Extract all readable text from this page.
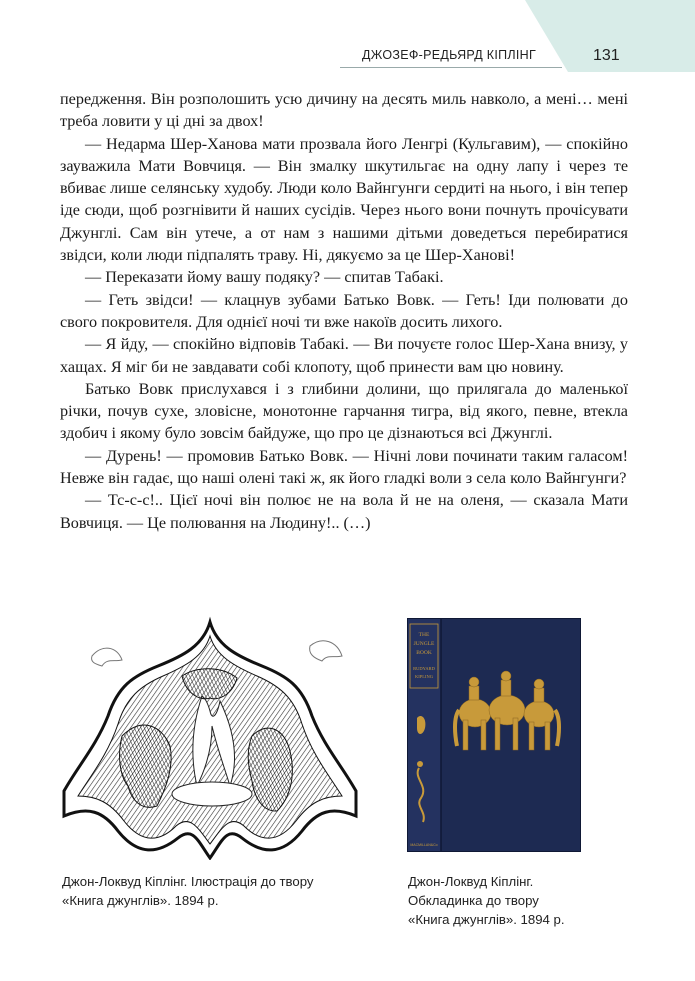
ДЖОЗЕФ-РЕДЬЯРД КІПЛІНГ	131

передження. Він розполошить усю дичину на десять миль навколо, а мені… мені треба ловити у ці дні за двох!

— Недарма Шер-Ханова мати прозвала його Ленгрі (Кульгавим), — спокійно зауважила Мати Вовчиця. — Він змалку шкутильгає на одну лапу і через те вбиває лише селянську худобу. Люди коло Вайнгунги сердиті на нього, і він тепер іде сюди, щоб розгнівити й наших сусідів. Через нього вони почнуть прочісувати Джунглі. Сам він утече, а от нам з нашими дітьми доведеться перебиратися звідси, коли люди підпалять траву. Ні, дякуємо за це Шер-Ханові!

— Переказати йому вашу подяку? — спитав Табакі.

— Геть звідси! — клацнув зубами Батько Вовк. — Геть! Іди полювати до свого покровителя. Для однієї ночі ти вже накоїв досить лихого.

— Я йду, — спокійно відповів Табакі. — Ви почуєте голос Шер-Хана внизу, у хащах. Я міг би не завдавати собі клопоту, щоб принести вам цю новину.

Батько Вовк прислухався і з глибини долини, що прилягала до маленької річки, почув сухе, зловісне, монотонне гарчання тигра, від якого, певне, втекла здобич і якому було зовсім байдуже, що про це дізнаються всі Джунглі.

— Дурень! — промовив Батько Вовк. — Нічні лови починати таким галасом! Невже він гадає, що наші олені такі ж, як його гладкі воли з села коло Вайнгунги?

— Тс-с-с!.. Цієї ночі він полює не на вола й не на оленя, — сказала Мати Вовчиця. — Це полювання на Людину!.. (…)

THE
JUNGLE
BOOK
RUDYARD
KIPLING
MACMILLAN&Co
Джон-Локвуд Кіплінг. Ілюстрація до твору
«Книга джунглів». 1894 р.
Джон-Локвуд Кіплінг.
Обкладинка до твору
«Книга джунглів». 1894 р.
